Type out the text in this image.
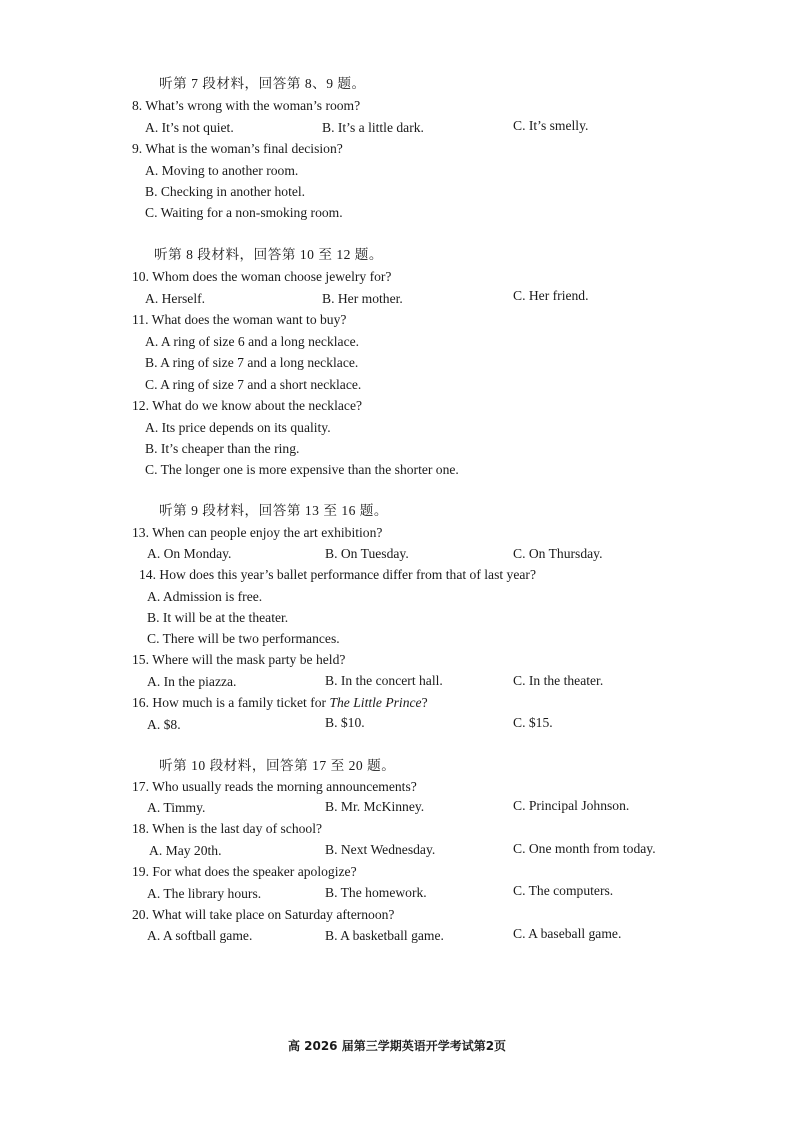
听第 7 段材料，回答第 8、9 题。
8. What’s wrong with the woman’s room?
A. It’s not quiet.	B. It’s a little dark.	C. It’s smelly.
9. What is the woman’s final decision?
A. Moving to another room.
B. Checking in another hotel.
C. Waiting for a non-smoking room.
听第 8 段材料，回答第 10 至 12 题。
10. Whom does the woman choose jewelry for?
A. Herself.	B. Her mother.	C. Her friend.
11. What does the woman want to buy?
A. A ring of size 6 and a long necklace.
B. A ring of size 7 and a long necklace.
C. A ring of size 7 and a short necklace.
12. What do we know about the necklace?
A. Its price depends on its quality.
B. It’s cheaper than the ring.
C. The longer one is more expensive than the shorter one.
听第 9 段材料，回答第 13 至 16 题。
13. When can people enjoy the art exhibition?
A. On Monday.	B. On Tuesday.	C. On Thursday.
14. How does this year’s ballet performance differ from that of last year?
A. Admission is free.
B. It will be at the theater.
C. There will be two performances.
15. Where will the mask party be held?
A. In the piazza.	B. In the concert hall.	C. In the theater.
16. How much is a family ticket for The Little Prince?
A. $8.	B. $10.	C. $15.
听第 10 段材料，回答第 17 至 20 题。
17. Who usually reads the morning announcements?
A. Timmy.	B. Mr. McKinney.	C. Principal Johnson.
18. When is the last day of school?
A. May 20th.	B. Next Wednesday.	C. One month from today.
19. For what does the speaker apologize?
A. The library hours.	B. The homework.	C. The computers.
20. What will take place on Saturday afternoon?
A. A softball game.	B. A basketball game.	C. A baseball game.
高 2026 届第三学期英语开学考试第2页
